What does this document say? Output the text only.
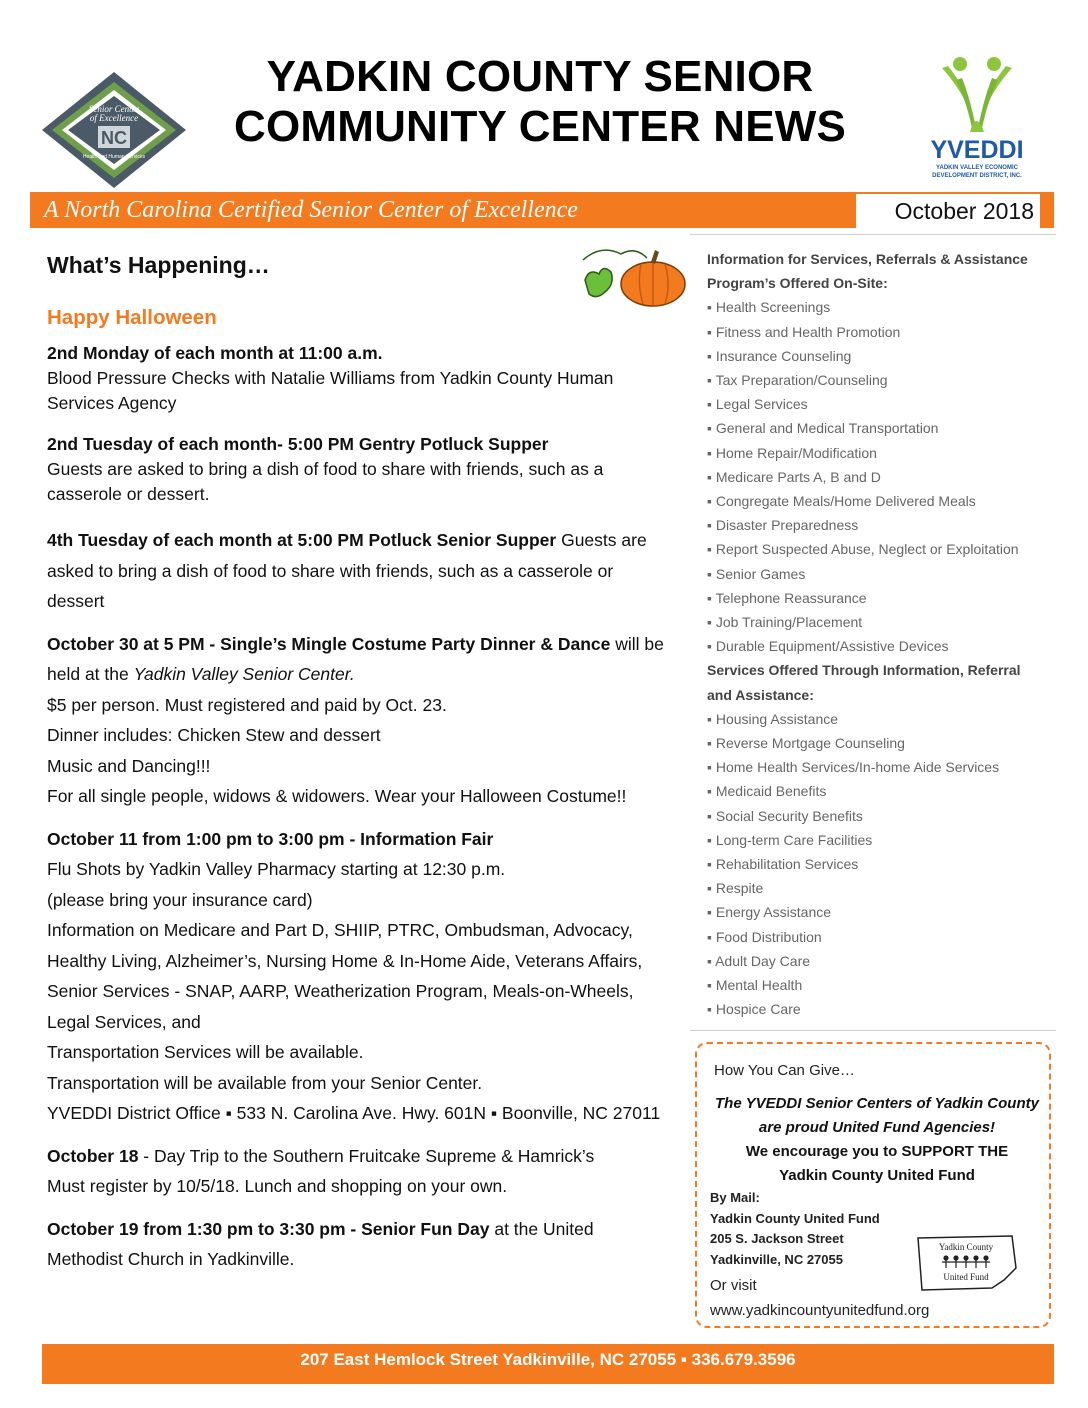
Senior Center
of Excellence
NC
Health and Human Services
YADKIN COUNTY SENIOR
COMMUNITY CENTER NEWS	YVEDDI
YADKIN VALLEY ECONOMIC
DEVELOPMENT DISTRICT, INC.
A North Carolina Certified Senior Center of Excellence	October 2018
What’s Happening…
Happy Halloween

2nd Monday of each month at 11:00 a.m.

Blood Pressure Checks with Natalie Williams from Yadkin County Human

Services Agency

2nd Tuesday of each month- 5:00 PM Gentry Potluck Supper

Guests are asked to bring a dish of food to share with friends, such as a

casserole or dessert.

4th Tuesday of each month at 5:00 PM Potluck Senior Supper Guests are

asked to bring a dish of food to share with friends, such as a casserole or

dessert

October 30 at 5 PM - Single’s Mingle Costume Party Dinner & Dance will be

held at the Yadkin Valley Senior Center.

$5 per person. Must registered and paid by Oct. 23.

Dinner includes: Chicken Stew and dessert

Music and Dancing!!!

For all single people, widows & widowers. Wear your Halloween Costume!!

October 11 from 1:00 pm to 3:00 pm - Information Fair

Flu Shots by Yadkin Valley Pharmacy starting at 12:30 p.m.

(please bring your insurance card)

Information on Medicare and Part D, SHIIP, PTRC, Ombudsman, Advocacy,

Healthy Living, Alzheimer’s, Nursing Home & In-Home Aide, Veterans Affairs,

Senior Services - SNAP, AARP, Weatherization Program, Meals-on-Wheels,

Legal Services, and

Transportation Services will be available.

Transportation will be available from your Senior Center.

YVEDDI District Office ▪ 533 N. Carolina Ave. Hwy. 601N ▪ Boonville, NC 27011

October 18 - Day Trip to the Southern Fruitcake Supreme & Hamrick’s

Must register by 10/5/18. Lunch and shopping on your own.

October 19 from 1:30 pm to 3:30 pm - Senior Fun Day at the United

Methodist Church in Yadkinville.

Information for Services, Referrals & Assistance
Program’s Offered On-Site:
▪ Health Screenings
▪ Fitness and Health Promotion
▪ Insurance Counseling
▪ Tax Preparation/Counseling
▪ Legal Services
▪ General and Medical Transportation
▪ Home Repair/Modification
▪ Medicare Parts A, B and D
▪ Congregate Meals/Home Delivered Meals
▪ Disaster Preparedness
▪ Report Suspected Abuse, Neglect or Exploitation
▪ Senior Games
▪ Telephone Reassurance
▪ Job Training/Placement
▪ Durable Equipment/Assistive Devices
Services Offered Through Information, Referral
and Assistance:
▪ Housing Assistance
▪ Reverse Mortgage Counseling
▪ Home Health Services/In-home Aide Services
▪ Medicaid Benefits
▪ Social Security Benefits
▪ Long-term Care Facilities
▪ Rehabilitation Services
▪ Respite
▪ Energy Assistance
▪ Food Distribution
▪ Adult Day Care
▪ Mental Health
▪ Hospice Care
How You Can Give…
The YVEDDI Senior Centers of Yadkin County
are proud United Fund Agencies!
We encourage you to SUPPORT THE
Yadkin County United Fund
By Mail:
Yadkin County United Fund
205 S. Jackson Street
Yadkinville, NC 27055
Or visit
www.yadkincountyunitedfund.org
Yadkin County
United Fund
207 East Hemlock Street Yadkinville, NC 27055 ▪ 336.679.3596
